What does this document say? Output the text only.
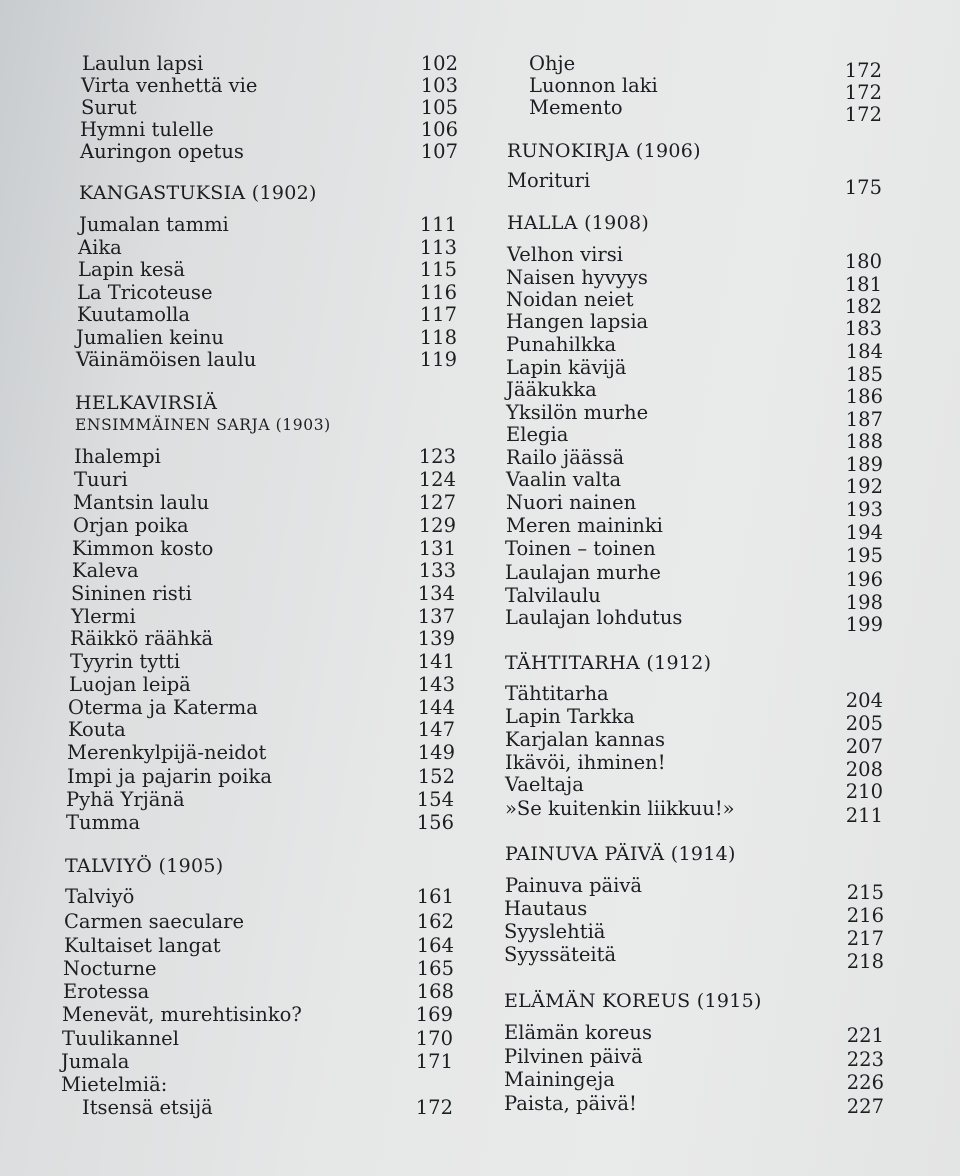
Laulun lapsi	102
Virta venhettä vie	103
Surut	105
Hymni tulelle	106
Auringon opetus	107
KANGASTUKSIA (1902)
Jumalan tammi	111
Aika	113
Lapin kesä	115
La Tricoteuse	116
Kuutamolla	117
Jumalien keinu	118
Väinämöisen laulu	119
HELKAVIRSIÄ
ENSIMMÄINEN SARJA (1903)
Ihalempi	123
Tuuri	124
Mantsin laulu	127
Orjan poika	129
Kimmon kosto	131
Kaleva	133
Sininen risti	134
Ylermi	137
Räikkö räähkä	139
Tyyrin tytti	141
Luojan leipä	143
Oterma ja Katerma	144
Kouta	147
Merenkylpijä-neidot	149
Impi ja pajarin poika	152
Pyhä Yrjänä	154
Tumma	156
TALVIYÖ (1905)
Talviyö	161
Carmen saeculare	162
Kultaiset langat	164
Nocturne	165
Erotessa	168
Menevät, murehtisinko?	169
Tuulikannel	170
Jumala	171
Mietelmiä:
Itsensä etsijä	172
Ohje	172
Luonnon laki	172
Memento	172
RUNOKIRJA (1906)
Morituri	175
HALLA (1908)
Velhon virsi	180
Naisen hyvyys	181
Noidan neiet	182
Hangen lapsia	183
Punahilkka	184
Lapin kävijä	185
Jääkukka	186
Yksilön murhe	187
Elegia	188
Railo jäässä	189
Vaalin valta	192
Nuori nainen	193
Meren maininki	194
Toinen – toinen	195
Laulajan murhe	196
Talvilaulu	198
Laulajan lohdutus	199
TÄHTITARHA (1912)
Tähtitarha	204
Lapin Tarkka	205
Karjalan kannas	207
Ikävöi, ihminen!	208
Vaeltaja	210
»Se kuitenkin liikkuu!»	211
PAINUVA PÄIVÄ (1914)
Painuva päivä	215
Hautaus	216
Syyslehtiä	217
Syyssäteitä	218
ELÄMÄN KOREUS (1915)
Elämän koreus	221
Pilvinen päivä	223
Mainingeja	226
Paista, päivä!	227
